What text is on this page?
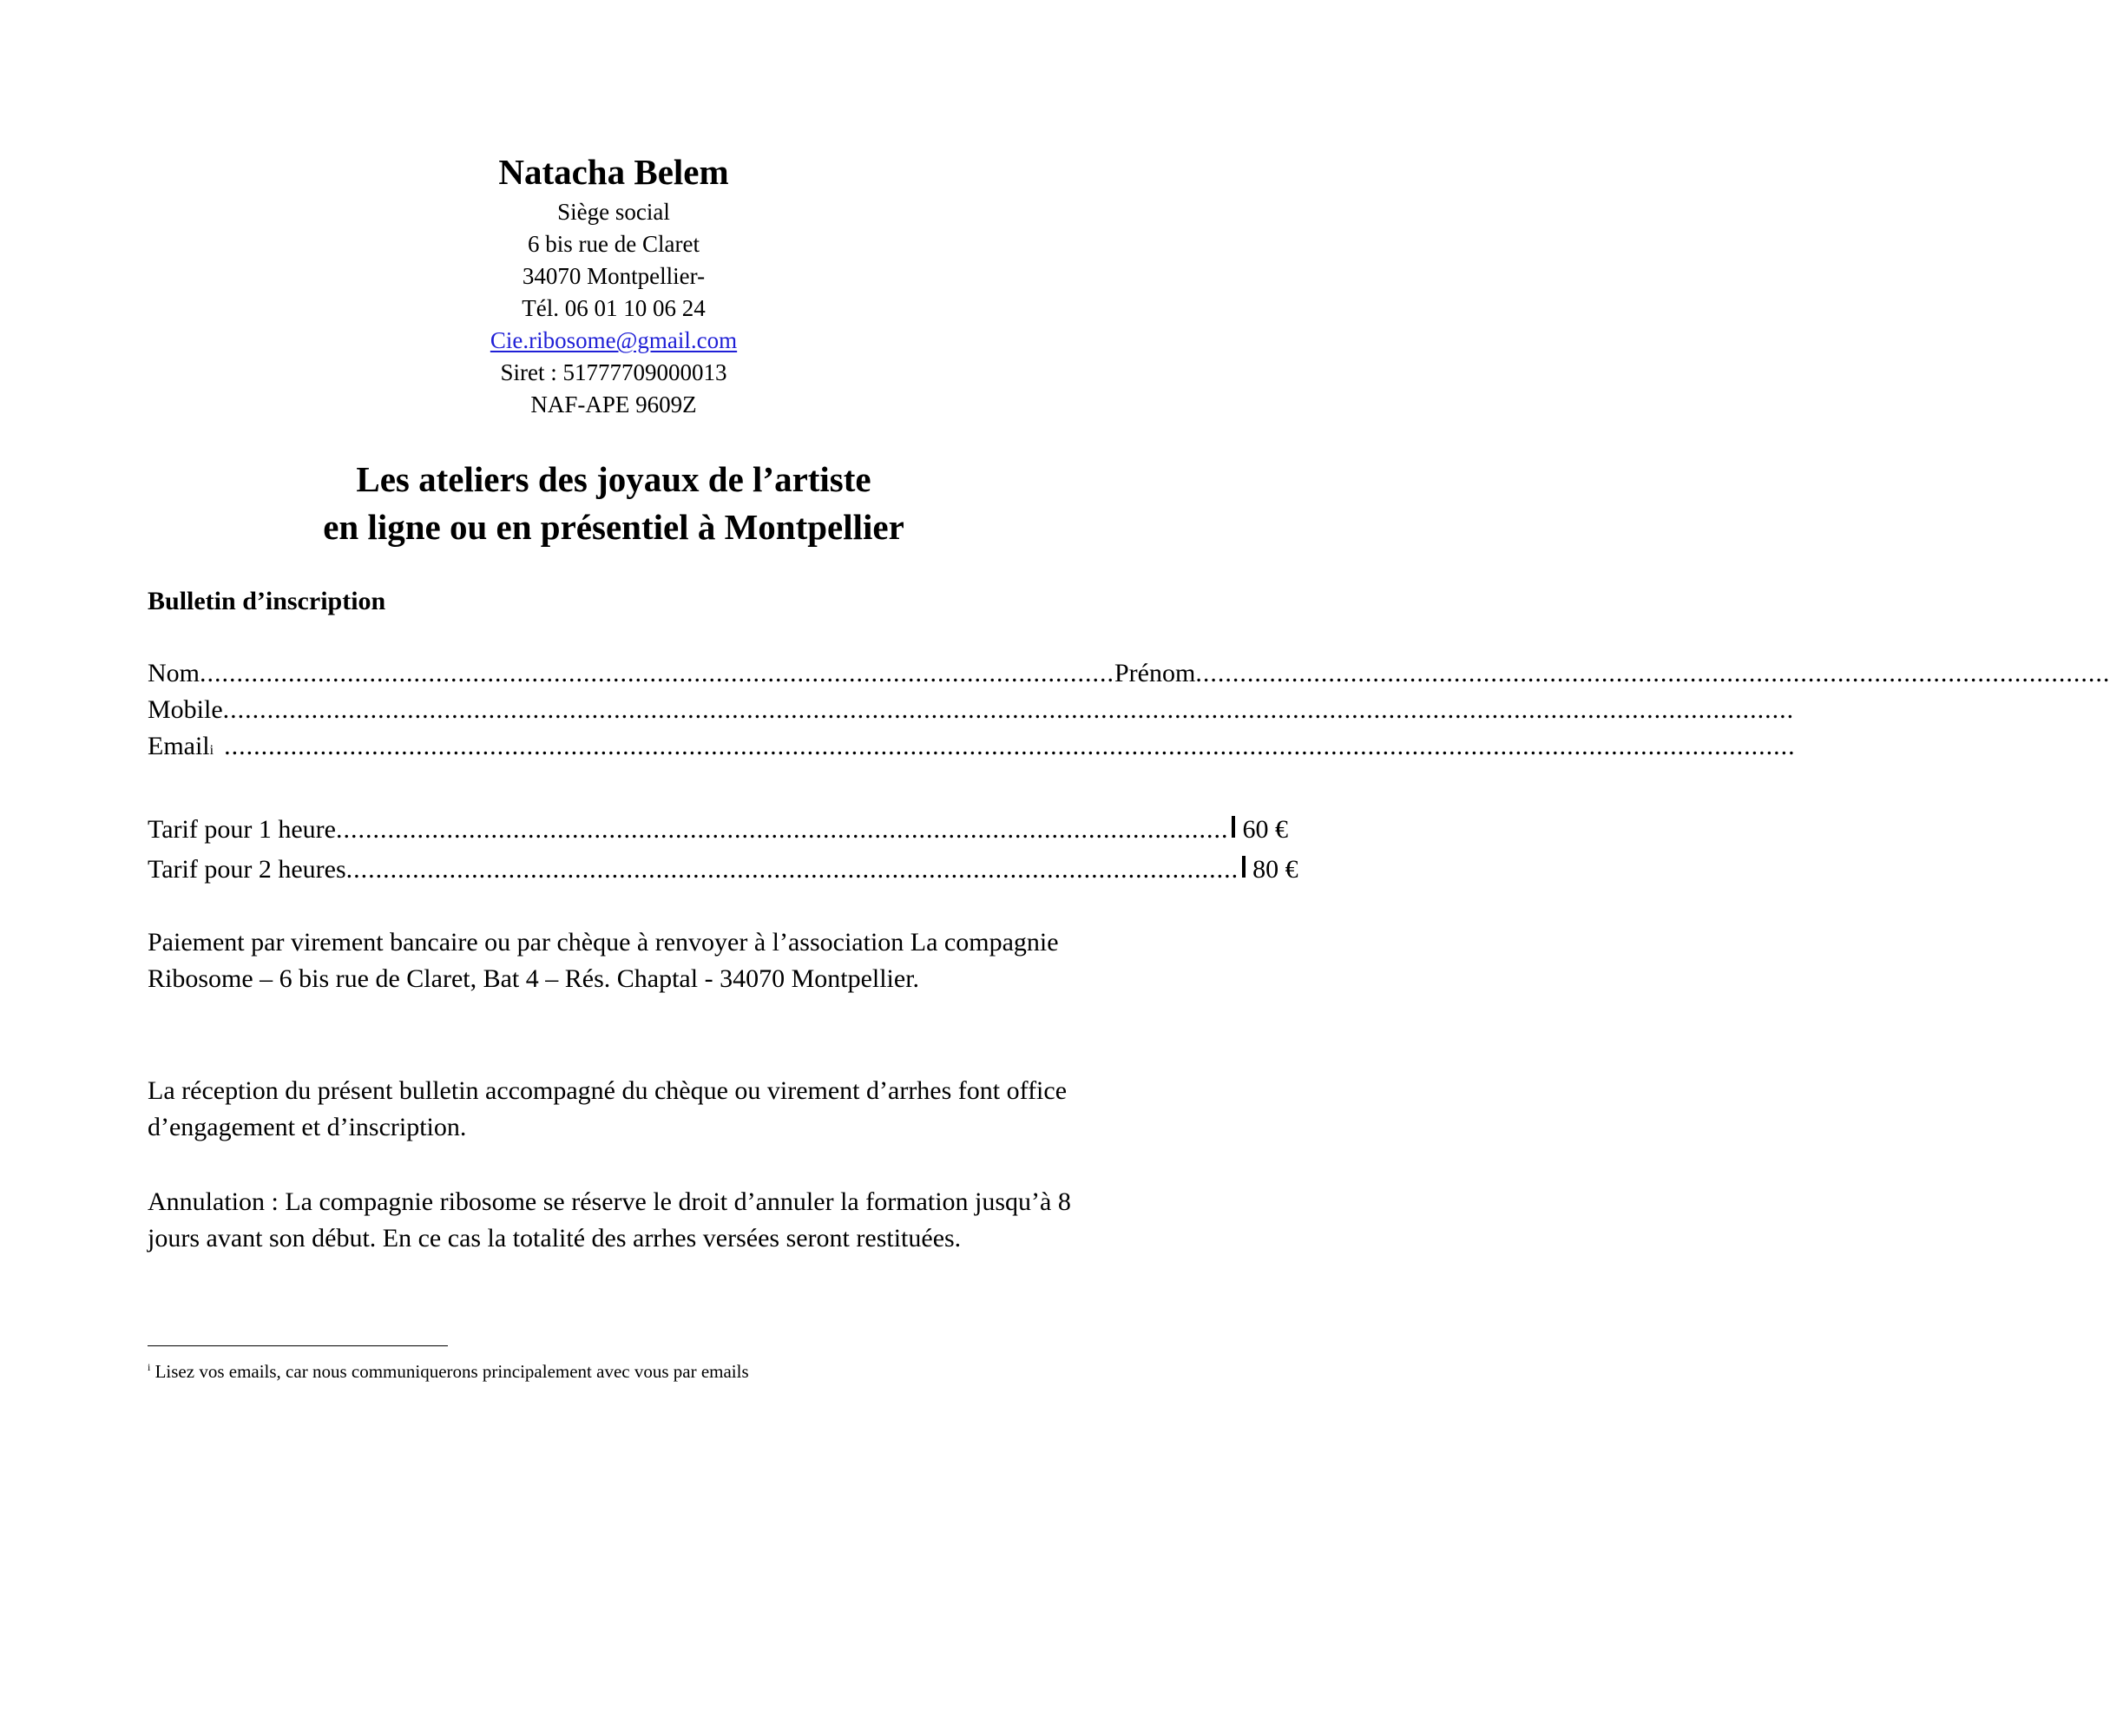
Natacha Belem

Siège social

6 bis rue de Claret

34070 Montpellier-

Tél. 06 01 10 06 24

Cie.ribosome@gmail.com

Siret : 51777709000013

NAF-APE 9609Z

Les ateliers des joyaux de l’artiste
en ligne ou en présentiel à Montpellier
Bulletin d’inscription
Nom ............................................................................................................................ Prénom ............................................................................................................................
Mobile .....................................................................................................................................................................................................................
Email i .....................................................................................................................................................................................................................
Tarif pour 1 heure ......................................................................................................................... 60 €
Tarif pour 2 heures ......................................................................................................................... 80 €

Paiement par virement bancaire ou par chèque à renvoyer à l’association La compagnie Ribosome – 6 bis rue de Claret, Bat 4 – Rés. Chaptal - 34070 Montpellier.

La réception du présent bulletin accompagné du chèque ou virement d’arrhes font office d’engagement et d’inscription.

Annulation : La compagnie ribosome se réserve le droit d’annuler la formation jusqu’à 8 jours avant son début. En ce cas la totalité des arrhes versées seront restituées.

$^i$ Lisez vos emails, car nous communiquerons principalement avec vous par emails
